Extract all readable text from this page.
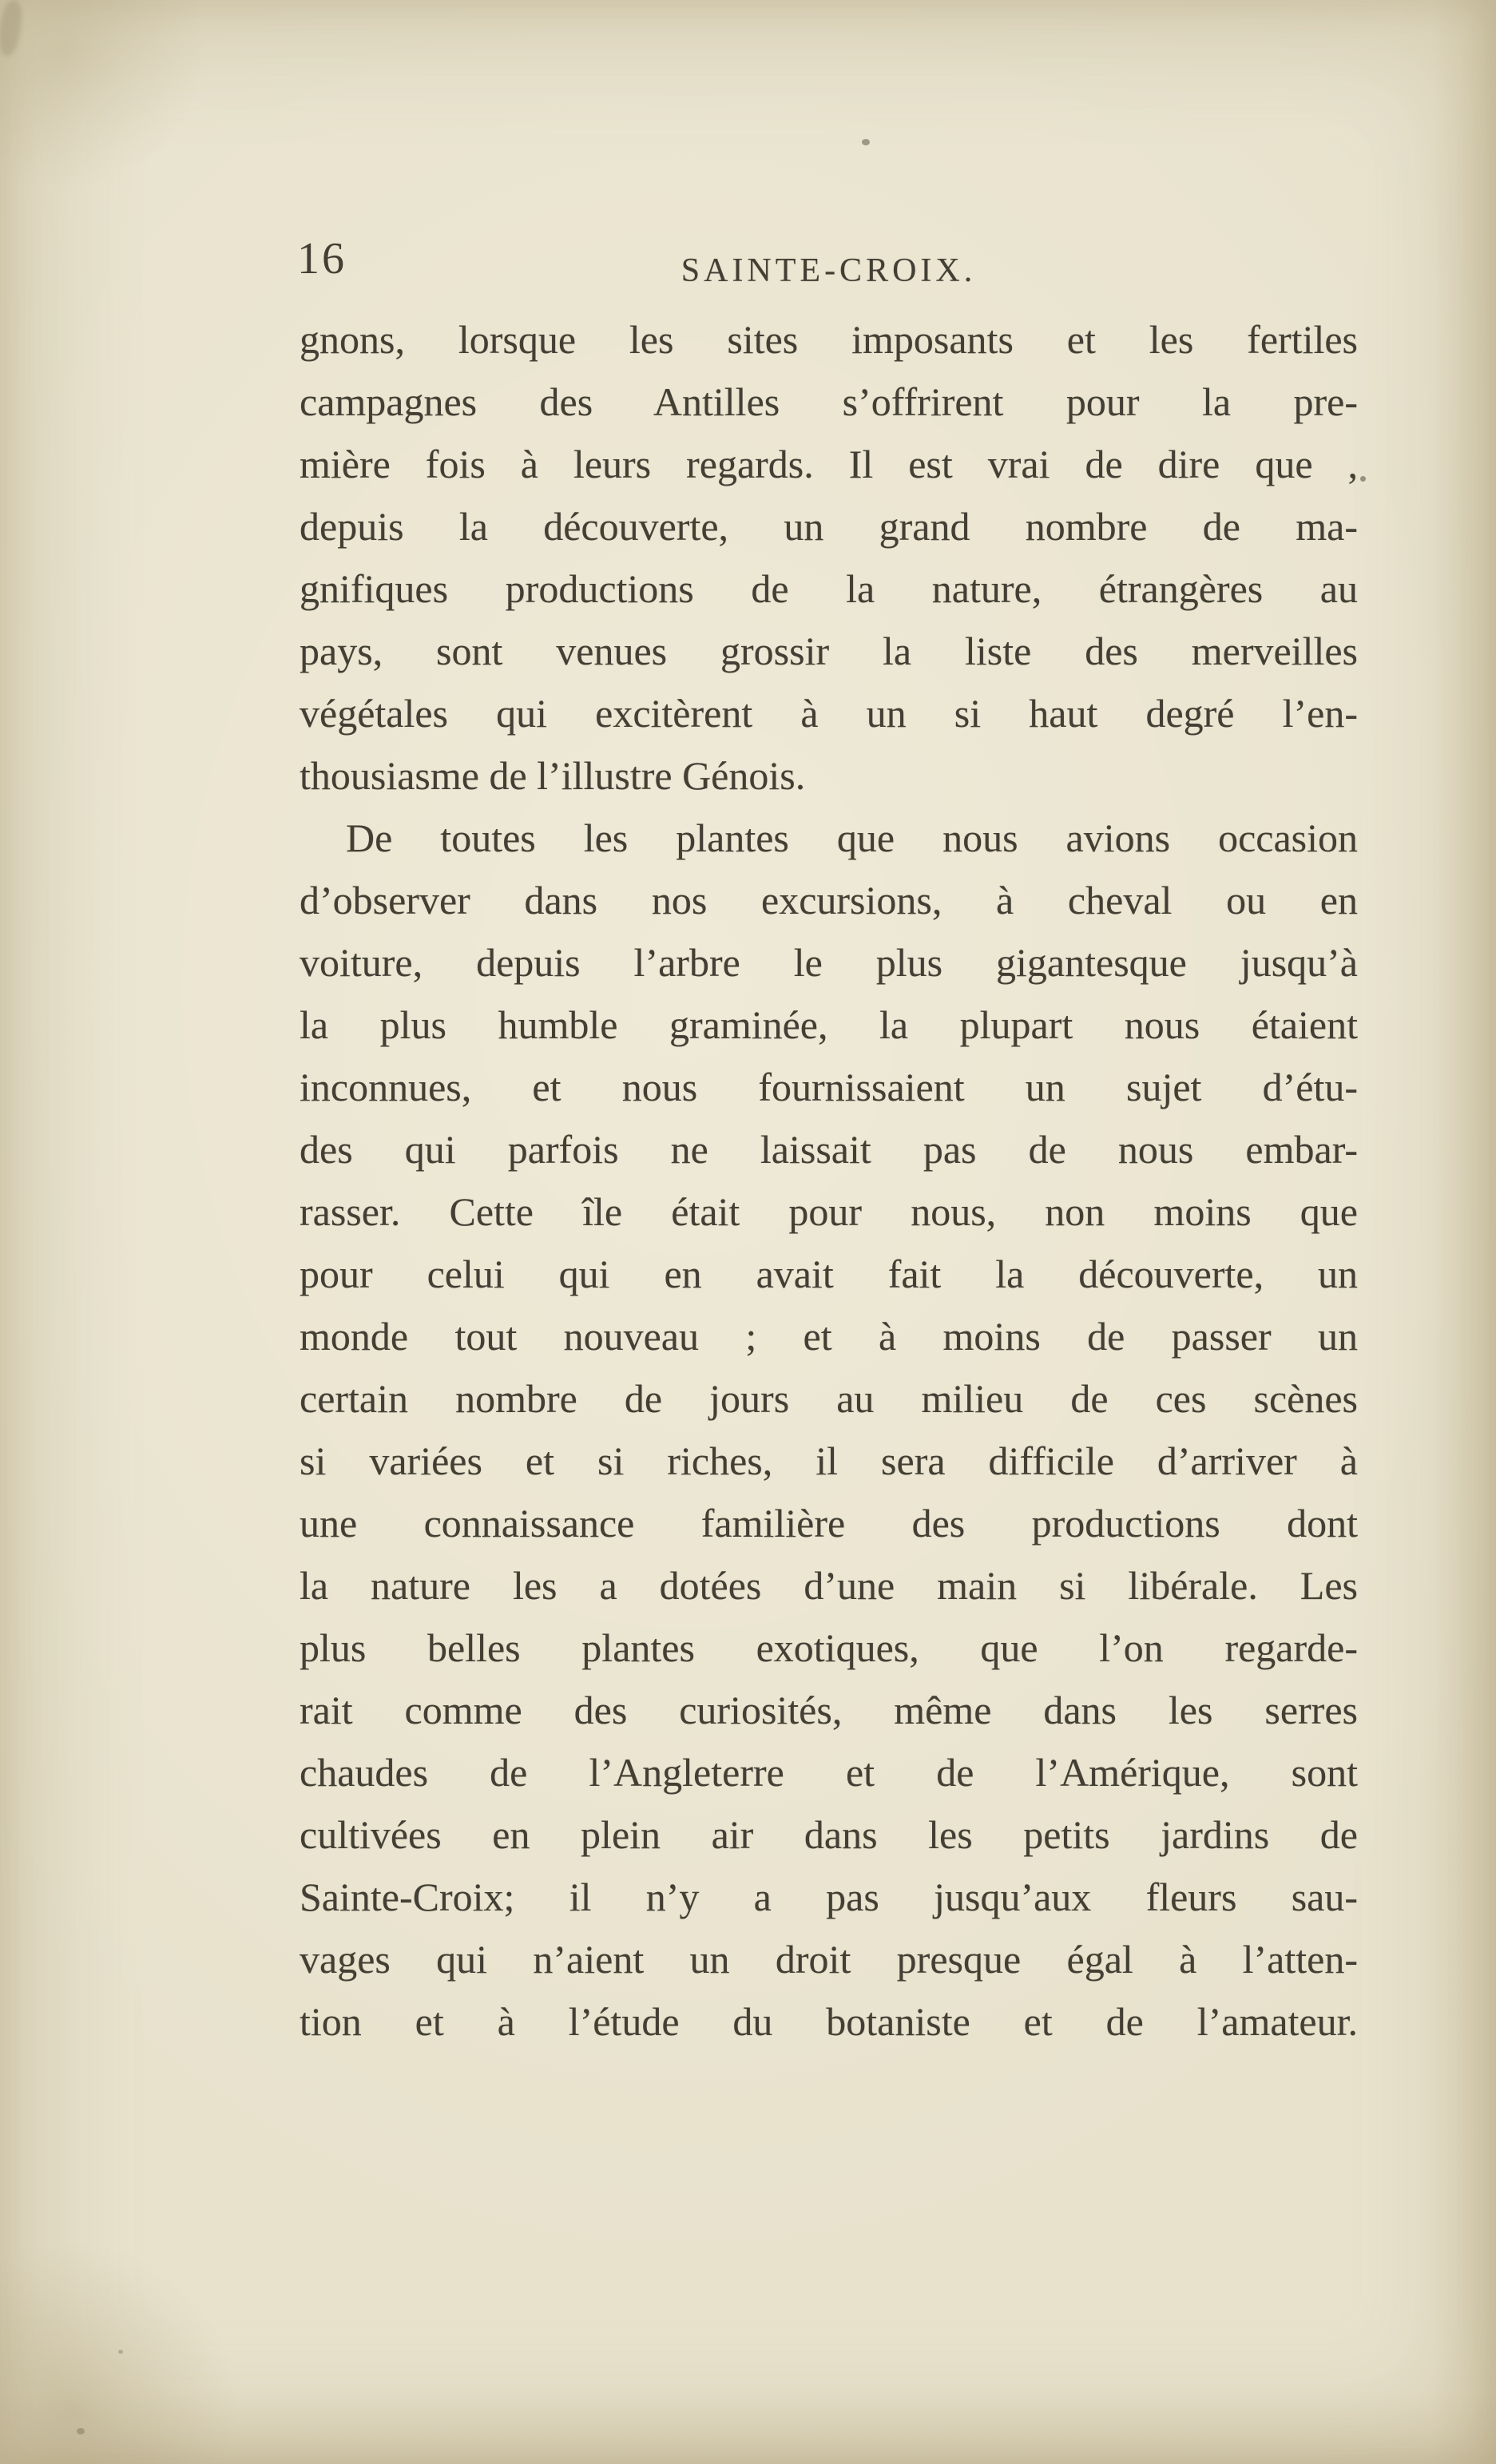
16	SAINTE-CROIX.
gnons, lorsque les sites imposants et les fertiles
campagnes des Antilles s’offrirent pour la pre-
mière fois à leurs regards. Il est vrai de dire que ,
depuis la découverte, un grand nombre de ma-
gnifiques productions de la nature, étrangères au
pays, sont venues grossir la liste des merveilles
végétales qui excitèrent à un si haut degré l’en-
thousiasme de l’illustre Génois.
De toutes les plantes que nous avions occasion
d’observer dans nos excursions, à cheval ou en
voiture, depuis l’arbre le plus gigantesque jusqu’à
la plus humble graminée, la plupart nous étaient
inconnues, et nous fournissaient un sujet d’étu-
des qui parfois ne laissait pas de nous embar-
rasser. Cette île était pour nous, non moins que
pour celui qui en avait fait la découverte, un
monde tout nouveau ; et à moins de passer un
certain nombre de jours au milieu de ces scènes
si variées et si riches, il sera difficile d’arriver à
une connaissance familière des productions dont
la nature les a dotées d’une main si libérale. Les
plus belles plantes exotiques, que l’on regarde-
rait comme des curiosités, même dans les serres
chaudes de l’Angleterre et de l’Amérique, sont
cultivées en plein air dans les petits jardins de
Sainte-Croix; il n’y a pas jusqu’aux fleurs sau-
vages qui n’aient un droit presque égal à l’atten-
tion et à l’étude du botaniste et de l’amateur.
